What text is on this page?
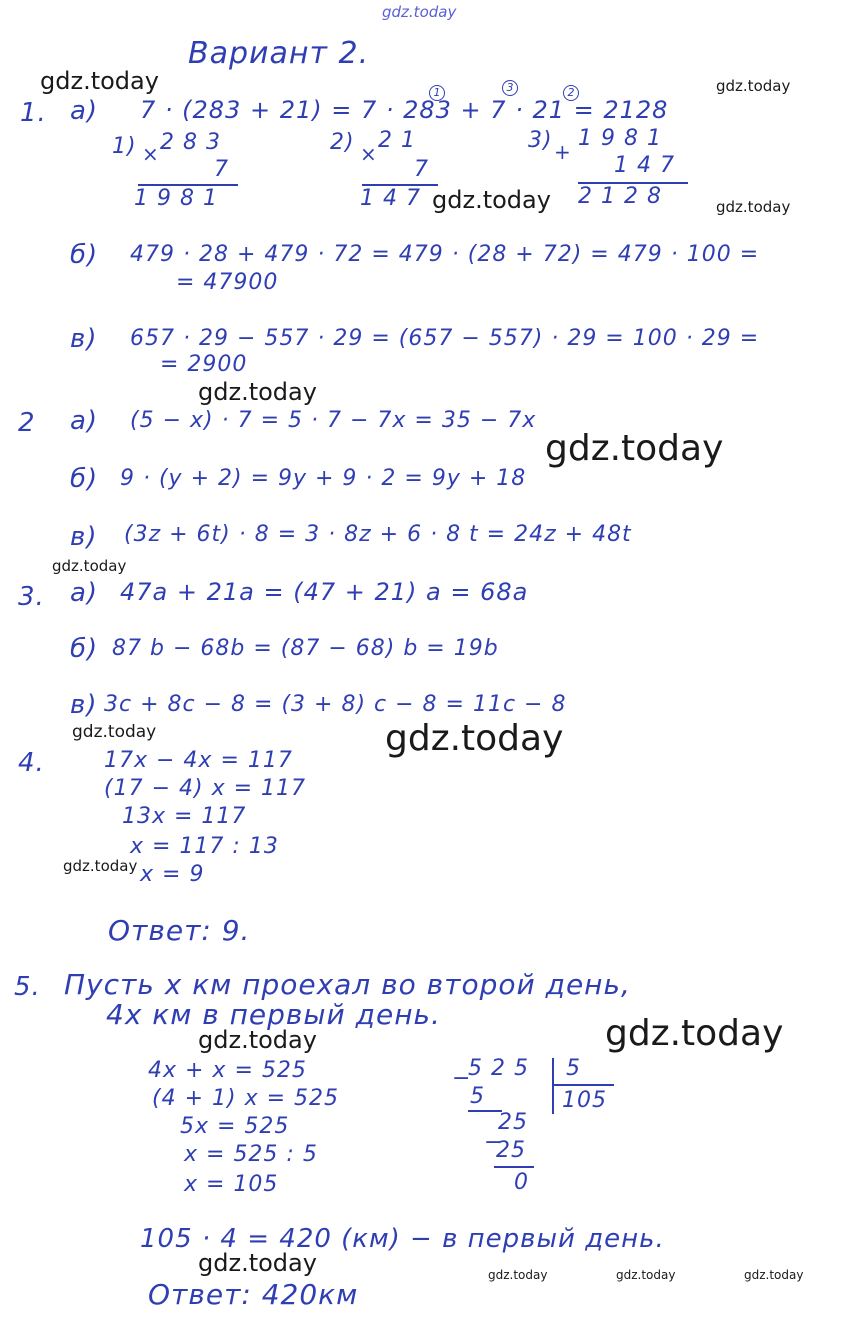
gdz.today
gdz.today	gdz.today
gdz.today	gdz.today
gdz.today
gdz.today
gdz.today
gdz.today	gdz.today
gdz.today
gdz.today
gdz.today
gdz.today	gdz.today	gdz.today	gdz.today
Вариант 2.
1. а) 7 · (283 + 21) = 7 · 283 + 7 · 21 = 2128
1	3	2
1) × 2 8 3
7
1 9 8 1
2) ×
2 1
7
1 4 7
3) +
1 9 8 1
1 4 7
2 1 2 8
б) 479 · 28 + 479 · 72 = 479 · (28 + 72) = 479 · 100 =
= 47900
в) 657 · 29 − 557 · 29 = (657 − 557) · 29 = 100 · 29 =
= 2900
2 а) (5 − x) · 7 = 5 · 7 − 7x = 35 − 7x
б) 9 · (y + 2) = 9y + 9 · 2 = 9y + 18
в) (3z + 6t) · 8 = 3 · 8z + 6 · 8 t = 24z + 48t
3. а) 47a + 21a = (47 + 21) a = 68a
б) 87 b − 68b = (87 − 68) b = 19b
в) 3c + 8c − 8 = (3 + 8) c − 8 = 11c − 8
4.	17x − 4x = 117
(17 − 4) x = 117
13x = 117
x = 117 : 13
x = 9
Ответ: 9.
5. Пусть x км проехал во второй день,
4x км в первый день.
4x + x = 525
(4 + 1) x = 525
5x = 525
x = 525 : 5
x = 105
−
5 2 5 5
105
5
25
−
25
0
105 · 4 = 420 (км) − в первый день.
Ответ: 420км
